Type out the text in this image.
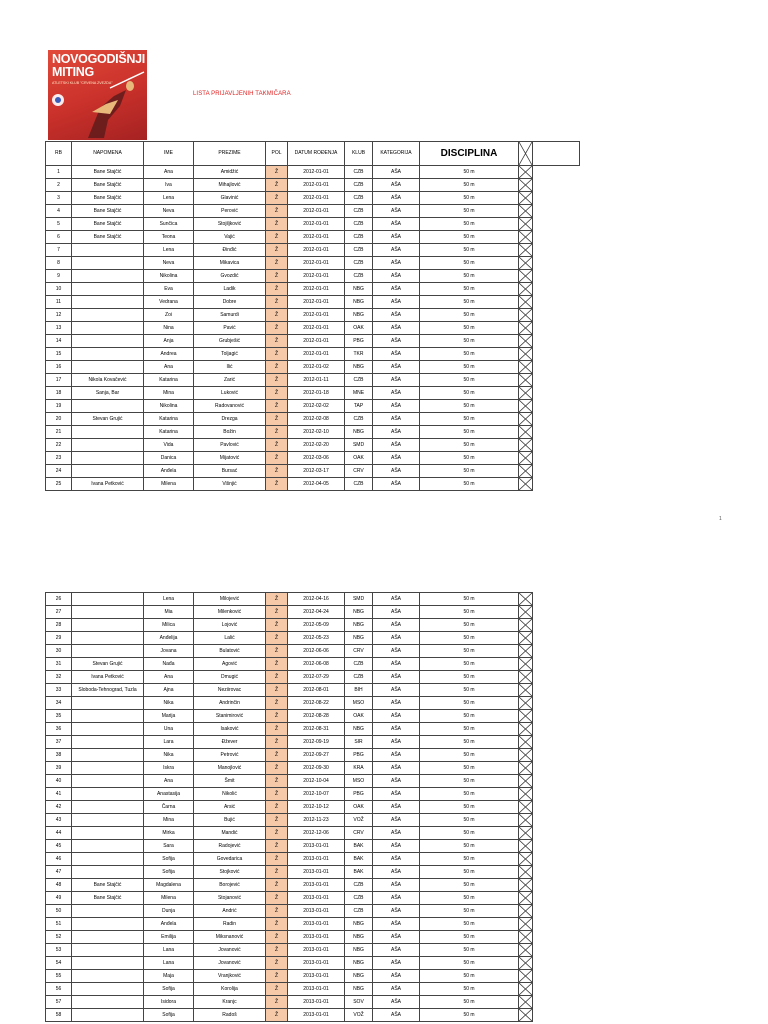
NOVOGODIŠNJI
MITING
ATLETSKI KLUB "CRVENA ZVEZDA"
LISTA PRIJAVLJENIH TAKMIČARA
1
RB	NAPOMENA	IME	PREZIME	POL	DATUM ROĐENJA	KLUB	KATEGORIJA	DISCIPLINA	

1	Bane Stajčić	Ana	Amidžić	Ž	2012-01-01	CZB	AŠA	50 m	

2	Bane Stajčić	Iva	Mihajlović	Ž	2012-01-01	CZB	AŠA	50 m	

3	Bane Stajčić	Lena	Glavinić	Ž	2012-01-01	CZB	AŠA	50 m	

4	Bane Stajčić	Neva	Perović	Ž	2012-01-01	CZB	AŠA	50 m	

5	Bane Stajčić	Sunčica	Stojiljković	Ž	2012-01-01	CZB	AŠA	50 m	

6	Bane Stajčić	Teona	Vajić	Ž	2012-01-01	CZB	AŠA	50 m	

7		Lena	Đinđić	Ž	2012-01-01	CZB	AŠA	50 m	

8		Neva	Mikavica	Ž	2012-01-01	CZB	AŠA	50 m	

9		Nikolina	Gvozdić	Ž	2012-01-01	CZB	AŠA	50 m	

10		Eva	Ladik	Ž	2012-01-01	NBG	AŠA	50 m	

11		Vedrana	Dobre	Ž	2012-01-01	NBG	AŠA	50 m	

12		Zoi	Samurdi	Ž	2012-01-01	NBG	AŠA	50 m	

13		Nina	Pavić	Ž	2012-01-01	OAK	AŠA	50 m	

14		Anja	Grubješić	Ž	2012-01-01	PBG	AŠA	50 m	

15		Andrea	Toljagić	Ž	2012-01-01	TKR	AŠA	50 m	

16		Ana	Ilić	Ž	2012-01-02	NBG	AŠA	50 m	

17	Nikola Kovačević	Katarina	Zarić	Ž	2012-01-11	CZB	AŠA	50 m	

18	Sanja, Bar	Mina	Luković	Ž	2012-01-18	MNE	AŠA	50 m	

19		Nikolina	Radovanović	Ž	2012-02-02	TAP	AŠA	50 m	

20	Stevan Grujić	Katarina	Drezga	Ž	2012-02-08	CZB	AŠA	50 m	

21		Katarina	Božin	Ž	2012-02-10	NBG	AŠA	50 m	

22		Vida	Pavlović	Ž	2012-02-20	SMD	AŠA	50 m	

23		Danica	Mijatović	Ž	2012-03-06	OAK	AŠA	50 m	

24		Anđela	Bursać	Ž	2012-03-17	CRV	AŠA	50 m	

25	Ivana Petković	Milena	Višnjić	Ž	2012-04-05	CZB	AŠA	50 m	
26		Lena	Milojević	Ž	2012-04-16	SMD	AŠA	50 m	

27		Mia	Milenković	Ž	2012-04-24	NBG	AŠA	50 m	

28		Milica	Lojović	Ž	2012-05-09	NBG	AŠA	50 m	

29		Anđelija	Lalić	Ž	2012-05-23	NBG	AŠA	50 m	

30		Jovana	Bulatović	Ž	2012-06-06	CRV	AŠA	50 m	

31	Stevan Grujić	Nađa	Agović	Ž	2012-06-08	CZB	AŠA	50 m	

32	Ivana Petković	Ana	Dmugić	Ž	2012-07-29	CZB	AŠA	50 m	

33	Sloboda-Tehnograd, Tuzla	Ajna	Neziirovac	Ž	2012-08-01	BIH	AŠA	50 m	

34		Nika	Andrinčin	Ž	2012-08-22	MSO	AŠA	50 m	

35		Marija	Stanimirović	Ž	2012-08-28	OAK	AŠA	50 m	

36		Una	Isaković	Ž	2012-08-31	NBG	AŠA	50 m	

37		Lara	Đžever	Ž	2012-09-19	SIR	AŠA	50 m	

38		Nika	Petrović	Ž	2012-09-27	PBG	AŠA	50 m	

39		Iskra	Manojlović	Ž	2012-09-30	KRA	AŠA	50 m	

40		Ana	Šmit	Ž	2012-10-04	MSO	AŠA	50 m	

41		Anastasija	Nikolić	Ž	2012-10-07	PBG	AŠA	50 m	

42		Čarna	Arsić	Ž	2012-10-12	OAK	AŠA	50 m	

43		Mina	Bujić	Ž	2012-11-23	VOŽ	AŠA	50 m	

44		Mirka	Mandić	Ž	2012-12-06	CRV	AŠA	50 m	

45		Sara	Radojević	Ž	2013-01-01	BAK	AŠA	50 m	

46		Sofija	Govedarica	Ž	2013-01-01	BAK	AŠA	50 m	

47		Sofija	Stojković	Ž	2013-01-01	BAK	AŠA	50 m	

48	Bane Stajčić	Magdalena	Borojević	Ž	2013-01-01	CZB	AŠA	50 m	

49	Bane Stajčić	Milena	Stojanović	Ž	2013-01-01	CZB	AŠA	50 m	

50		Dunja	Andrić	Ž	2013-01-01	CZB	AŠA	50 m	

51		Anđela	Radin	Ž	2013-01-01	NBG	AŠA	50 m	

52		Emilija	Miksnanović	Ž	2013-01-01	NBG	AŠA	50 m	

53		Lana	Jovanović	Ž	2013-01-01	NBG	AŠA	50 m	

54		Lana	Jovanović	Ž	2013-01-01	NBG	AŠA	50 m	

55		Maja	Vranjković	Ž	2013-01-01	NBG	AŠA	50 m	

56		Sofija	Korolija	Ž	2013-01-01	NBG	AŠA	50 m	

57		Isidora	Kranjc	Ž	2013-01-01	SOV	AŠA	50 m	

58		Sofija	Radoš	Ž	2013-01-01	VOŽ	AŠA	50 m	
